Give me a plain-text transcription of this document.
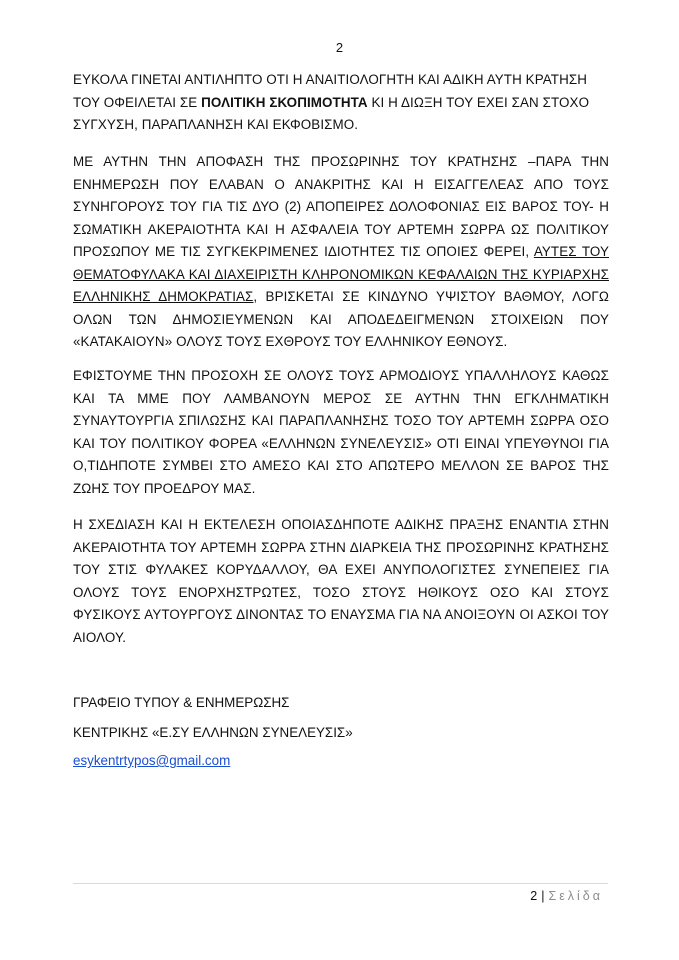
2

ΕΥΚΟΛΑ ΓΙΝΕΤΑΙ ΑΝΤΙΛΗΠΤΟ ΟΤΙ Η ΑΝΑΙΤΙΟΛΟΓΗΤΗ ΚΑΙ ΑΔΙΚΗ ΑΥΤΗ ΚΡΑΤΗΣΗ ΤΟΥ ΟΦΕΙΛΕΤΑΙ ΣΕ ΠΟΛΙΤΙΚΗ ΣΚΟΠΙΜΟΤΗΤΑ ΚΙ Η ΔΙΩΞΗ ΤΟΥ ΕΧΕΙ ΣΑΝ ΣΤΟΧΟ ΣΥΓΧΥΣΗ, ΠΑΡΑΠΛΑΝΗΣΗ ΚΑΙ ΕΚΦΟΒΙΣΜΟ.

ΜΕ ΑΥΤΗΝ ΤΗΝ ΑΠΟΦΑΣΗ ΤΗΣ ΠΡΟΣΩΡΙΝΗΣ ΤΟΥ ΚΡΑΤΗΣΗΣ –ΠΑΡΑ ΤΗΝ ΕΝΗΜΕΡΩΣΗ ΠΟΥ ΕΛΑΒΑΝ Ο ΑΝΑΚΡΙΤΗΣ ΚΑΙ Η ΕΙΣΑΓΓΕΛΕΑΣ ΑΠΟ ΤΟΥΣ ΣΥΝΗΓΟΡΟΥΣ ΤΟΥ ΓΙΑ ΤΙΣ ΔΥΟ (2) ΑΠΟΠΕΙΡΕΣ ΔΟΛΟΦΟΝΙΑΣ ΕΙΣ ΒΑΡΟΣ ΤΟΥ- Η ΣΩΜΑΤΙΚΗ ΑΚΕΡΑΙΟΤΗΤΑ ΚΑΙ Η ΑΣΦΑΛΕΙΑ ΤΟΥ ΑΡΤΕΜΗ ΣΩΡΡΑ ΩΣ ΠΟΛΙΤΙΚΟΥ ΠΡΟΣΩΠΟΥ ΜΕ ΤΙΣ ΣΥΓΚΕΚΡΙΜΕΝΕΣ ΙΔΙΟΤΗΤΕΣ ΤΙΣ ΟΠΟΙΕΣ ΦΕΡΕΙ, ΑΥΤΕΣ ΤΟΥ ΘΕΜΑΤΟΦΥΛΑΚΑ ΚΑΙ ΔΙΑΧΕΙΡΙΣΤΗ ΚΛΗΡΟΝΟΜΙΚΩΝ ΚΕΦΑΛΑΙΩΝ ΤΗΣ ΚΥΡΙΑΡΧΗΣ ΕΛΛΗΝΙΚΗΣ ΔΗΜΟΚΡΑΤΙΑΣ, ΒΡΙΣΚΕΤΑΙ ΣΕ ΚΙΝΔΥΝΟ ΥΨΙΣΤΟΥ ΒΑΘΜΟΥ, ΛΟΓΩ ΟΛΩΝ ΤΩΝ ΔΗΜΟΣΙΕΥΜΕΝΩΝ ΚΑΙ ΑΠΟΔΕΔΕΙΓΜΕΝΩΝ ΣΤΟΙΧΕΙΩΝ ΠΟΥ «ΚΑΤΑΚΑΙΟΥΝ» ΟΛΟΥΣ ΤΟΥΣ ΕΧΘΡΟΥΣ ΤΟΥ ΕΛΛΗΝΙΚΟΥ ΕΘΝΟΥΣ.

ΕΦΙΣΤΟΥΜΕ ΤΗΝ ΠΡΟΣΟΧΗ ΣΕ ΟΛΟΥΣ ΤΟΥΣ ΑΡΜΟΔΙΟΥΣ ΥΠΑΛΛΗΛΟΥΣ ΚΑΘΩΣ ΚΑΙ ΤΑ ΜΜΕ ΠΟΥ ΛΑΜΒΑΝΟΥΝ ΜΕΡΟΣ ΣΕ ΑΥΤΗΝ ΤΗΝ ΕΓΚΛΗΜΑΤΙΚΗ ΣΥΝΑΥΤΟΥΡΓΙΑ ΣΠΙΛΩΣΗΣ ΚΑΙ ΠΑΡΑΠΛΑΝΗΣΗΣ ΤΟΣΟ ΤΟΥ ΑΡΤΕΜΗ ΣΩΡΡΑ ΟΣΟ ΚΑΙ ΤΟΥ ΠΟΛΙΤΙΚΟΥ ΦΟΡΕΑ «ΕΛΛΗΝΩΝ ΣΥΝΕΛΕΥΣΙΣ» ΟΤΙ ΕΙΝΑΙ ΥΠΕΥΘΥΝΟΙ ΓΙΑ Ο,ΤΙΔΗΠΟΤΕ ΣΥΜΒΕΙ ΣΤΟ ΑΜΕΣΟ ΚΑΙ ΣΤΟ ΑΠΩΤΕΡΟ ΜΕΛΛΟΝ ΣΕ ΒΑΡΟΣ ΤΗΣ ΖΩΗΣ ΤΟΥ ΠΡΟΕΔΡΟΥ ΜΑΣ.

Η ΣΧΕΔΙΑΣΗ ΚΑΙ Η ΕΚΤΕΛΕΣΗ ΟΠΟΙΑΣΔΗΠΟΤΕ ΑΔΙΚΗΣ ΠΡΑΞΗΣ ΕΝΑΝΤΙΑ ΣΤΗΝ ΑΚΕΡΑΙΟΤΗΤΑ ΤΟΥ ΑΡΤΕΜΗ ΣΩΡΡΑ ΣΤΗΝ ΔΙΑΡΚΕΙΑ ΤΗΣ ΠΡΟΣΩΡΙΝΗΣ ΚΡΑΤΗΣΗΣ ΤΟΥ ΣΤΙΣ ΦΥΛΑΚΕΣ ΚΟΡΥΔΑΛΛΟΥ, ΘΑ ΕΧΕΙ ΑΝΥΠΟΛΟΓΙΣΤΕΣ ΣΥΝΕΠΕΙΕΣ ΓΙΑ ΟΛΟΥΣ ΤΟΥΣ ΕΝΟΡΧΗΣΤΡΩΤΕΣ, ΤΟΣΟ ΣΤΟΥΣ ΗΘΙΚΟΥΣ ΟΣΟ ΚΑΙ ΣΤΟΥΣ ΦΥΣΙΚΟΥΣ ΑΥΤΟΥΡΓΟΥΣ ΔΙΝΟΝΤΑΣ ΤΟ ΕΝΑΥΣΜΑ ΓΙΑ ΝΑ ΑΝΟΙΞΟΥΝ ΟΙ ΑΣΚΟΙ ΤΟΥ ΑΙΟΛΟΥ.

ΓΡΑΦΕΙΟ ΤΥΠΟΥ & ΕΝΗΜΕΡΩΣΗΣ
ΚΕΝΤΡΙΚΗΣ «Ε.ΣΥ ΕΛΛΗΝΩΝ ΣΥΝΕΛΕΥΣΙΣ»
esykentrtypos@gmail.com
2 | Σελίδα
